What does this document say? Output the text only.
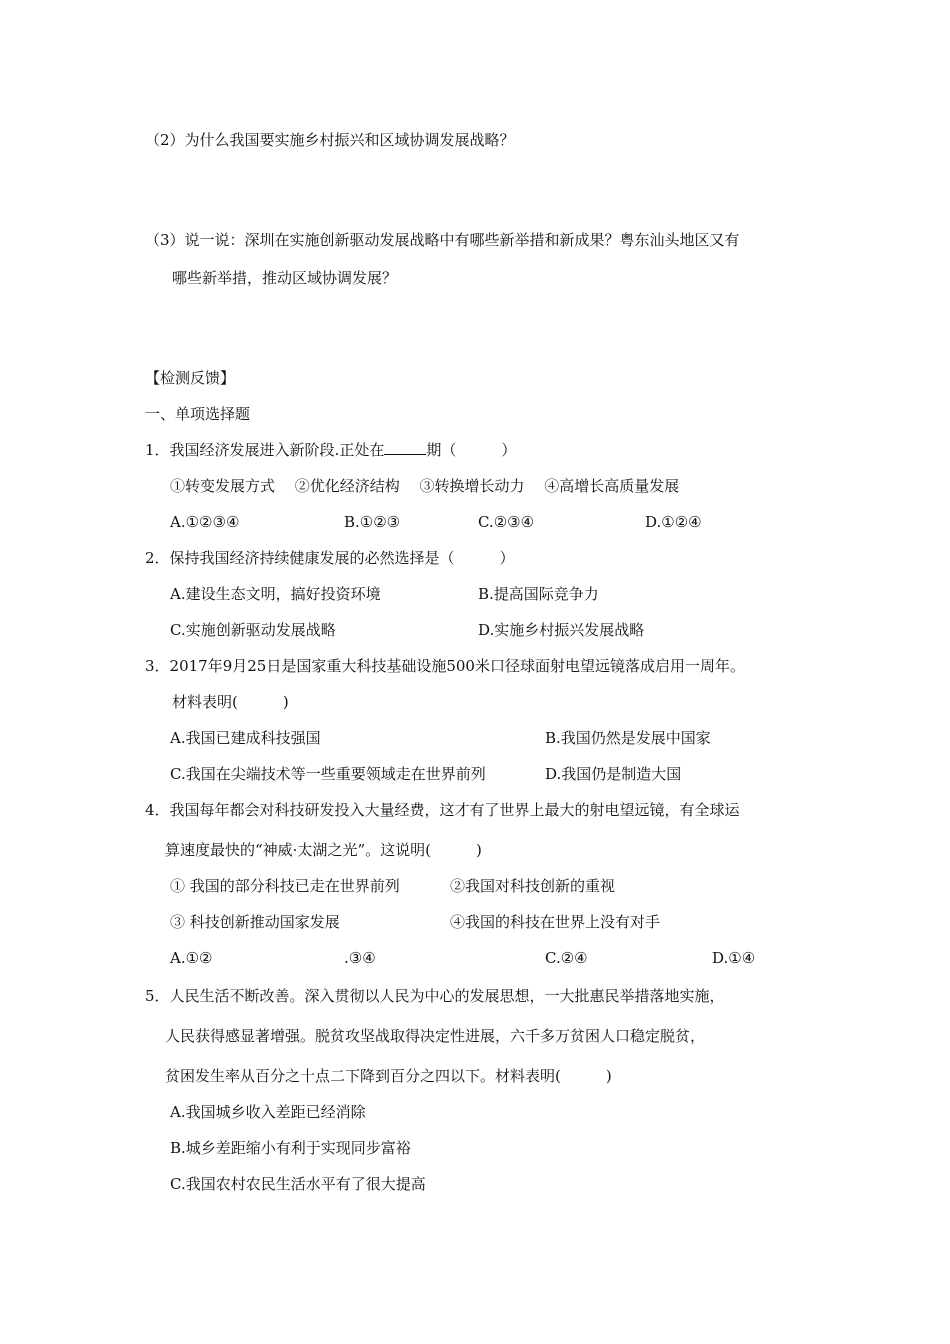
（2）为什么我国要实施乡村振兴和区域协调发展战略？
（3）说一说：深圳在实施创新驱动发展战略中有哪些新举措和新成果？粤东汕头地区又有
哪些新举措，推动区域协调发展？
【检测反馈】
一、单项选择题
1．我国经济发展进入新阶段.正处在	期（　　　）
①转变发展方式　 ②优化经济结构　 ③转换增长动力　 ④高增长高质量发展
A.①②③④	B.①②③	C.②③④	D.①②④
2．保持我国经济持续健康发展的必然选择是（　　　）
A.建设生态文明，搞好投资环境	B.提高国际竞争力
C.实施创新驱动发展战略	D.实施乡村振兴发展战略
3．2017年9月25日是国家重大科技基础设施500米口径球面射电望远镜落成启用一周年。
材料表明(　　　)
A.我国已建成科技强国	B.我国仍然是发展中国家
C.我国在尖端技术等一些重要领域走在世界前列	D.我国仍是制造大国
4．我国每年都会对科技研发投入大量经费，这才有了世界上最大的射电望远镜，有全球运
算速度最快的“神威·太湖之光”。这说明(　　　)
① 我国的部分科技已走在世界前列	②我国对科技创新的重视
③ 科技创新推动国家发展	④我国的科技在世界上没有对手
A.①②	.③④	C.②④	D.①④
5．人民生活不断改善。深入贯彻以人民为中心的发展思想，一大批惠民举措落地实施，
人民获得感显著增强。脱贫攻坚战取得决定性进展，六千多万贫困人口稳定脱贫，
贫困发生率从百分之十点二下降到百分之四以下。材料表明(　　　)
A.我国城乡收入差距已经消除
B.城乡差距缩小有利于实现同步富裕
C.我国农村农民生活水平有了很大提高
